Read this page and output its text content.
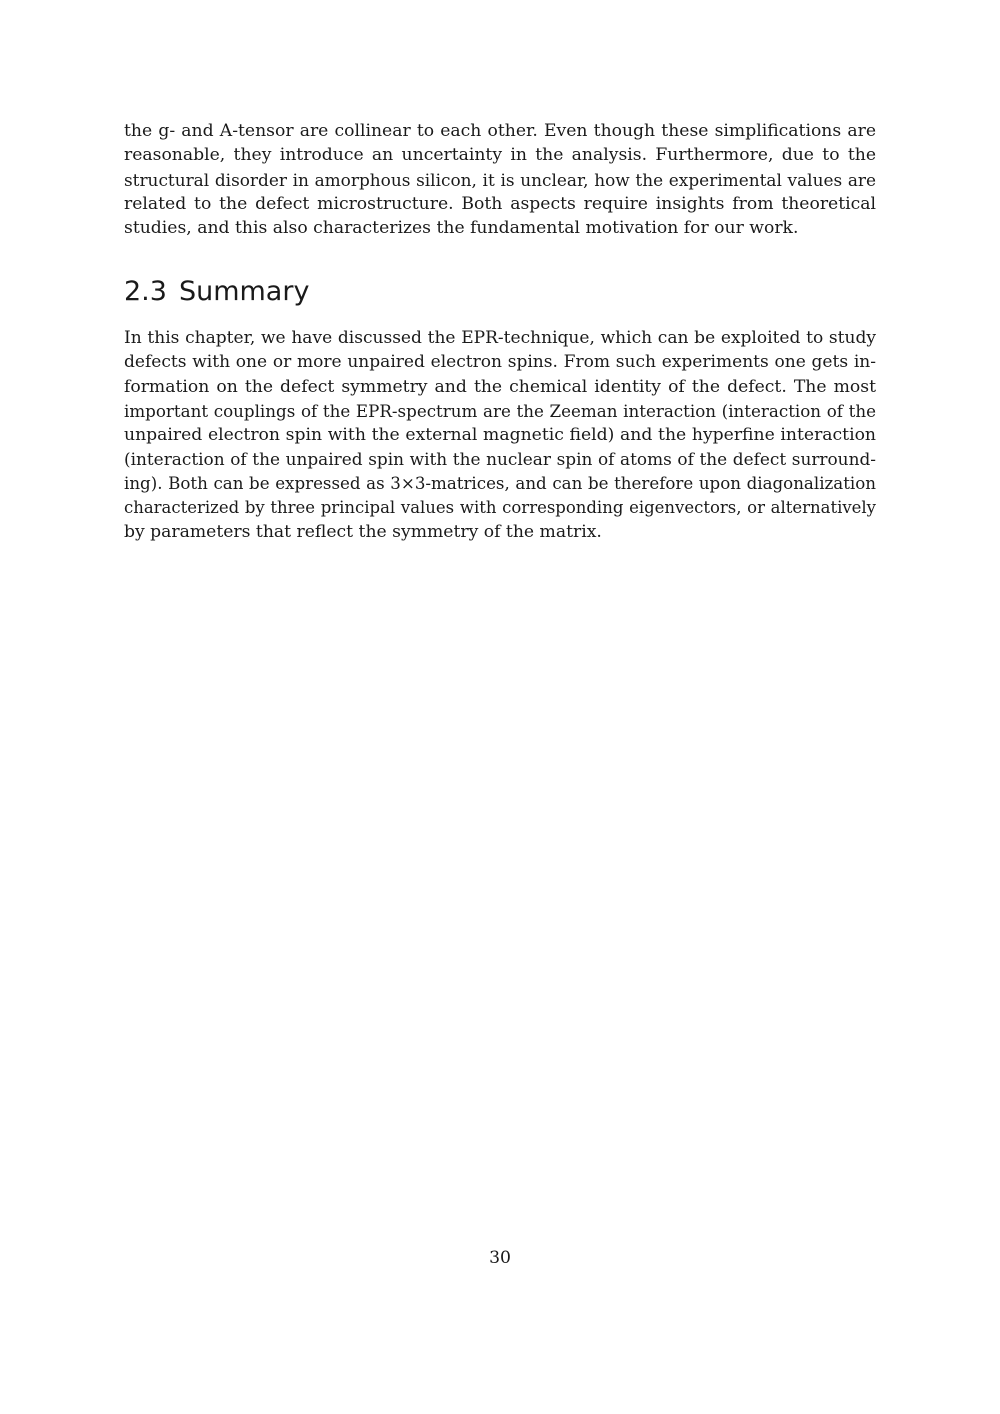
the g- and A-tensor are collinear to each other. Even though these simplifications are
reasonable, they introduce an uncertainty in the analysis. Furthermore, due to the
structural disorder in amorphous silicon, it is unclear, how the experimental values are
related to the defect microstructure. Both aspects require insights from theoretical
studies, and this also characterizes the fundamental motivation for our work.

2.3 Summary

In this chapter, we have discussed the EPR-technique, which can be exploited to study
defects with one or more unpaired electron spins. From such experiments one gets in-
formation on the defect symmetry and the chemical identity of the defect. The most
important couplings of the EPR-spectrum are the Zeeman interaction (interaction of the
unpaired electron spin with the external magnetic field) and the hyperfine interaction
(interaction of the unpaired spin with the nuclear spin of atoms of the defect surround-
ing). Both can be expressed as 3×3-matrices, and can be therefore upon diagonalization
characterized by three principal values with corresponding eigenvectors, or alternatively
by parameters that reflect the symmetry of the matrix.

30
